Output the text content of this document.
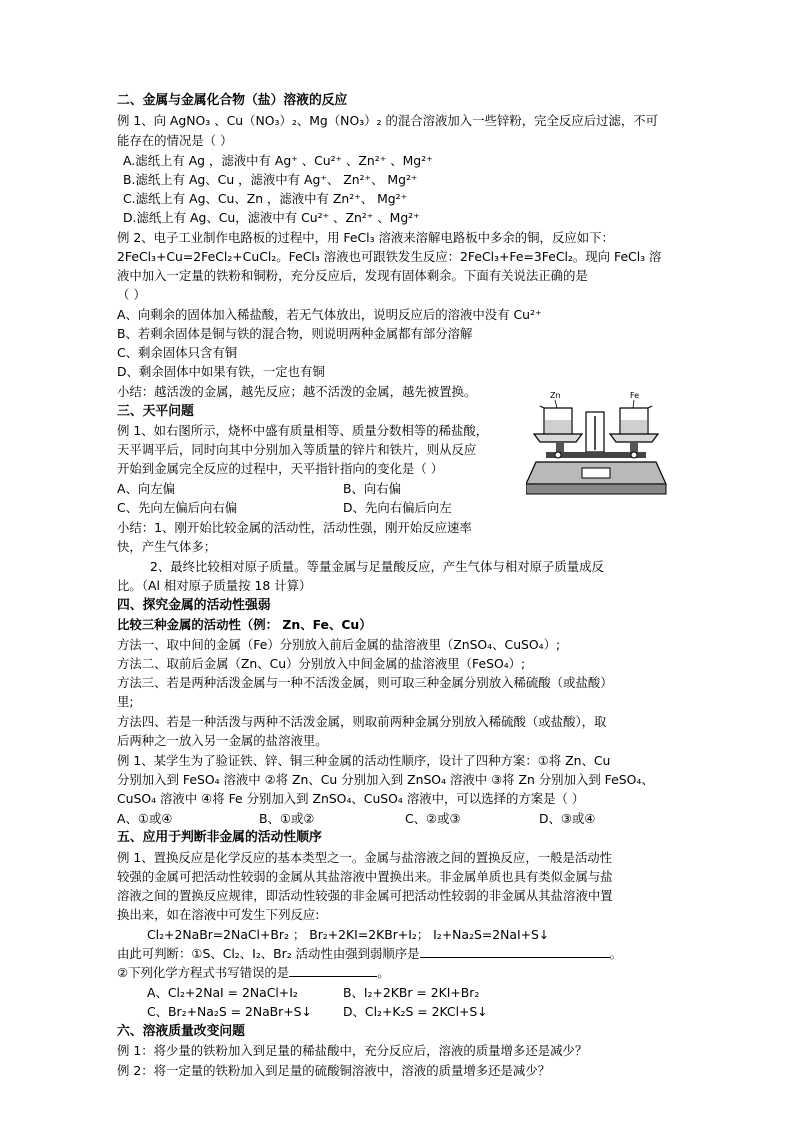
二、金属与金属化合物（盐）溶液的反应
例 1、向 AgNO₃ 、Cu（NO₃）₂、Mg（NO₃）₂ 的混合溶液加入一些锌粉，完全反应后过滤，不可
能存在的情况是（ ）
A.滤纸上有 Ag ，滤液中有 Ag⁺ 、Cu²⁺ 、Zn²⁺ 、Mg²⁺
B.滤纸上有 Ag、Cu ，滤液中有 Ag⁺、 Zn²⁺、 Mg²⁺
C.滤纸上有 Ag、Cu、Zn ，滤液中有 Zn²⁺、 Mg²⁺
D.滤纸上有 Ag、Cu，滤液中有 Cu²⁺ 、Zn²⁺ 、Mg²⁺
例 2、电子工业制作电路板的过程中，用 FeCl₃ 溶液来溶解电路板中多余的铜，反应如下：
2FeCl₃+Cu=2FeCl₂+CuCl₂。FeCl₃ 溶液也可跟铁发生反应：2FeCl₃+Fe=3FeCl₂。现向 FeCl₃ 溶
液中加入一定量的铁粉和铜粉，充分反应后，发现有固体剩余。下面有关说法正确的是
（ ）
A、向剩余的固体加入稀盐酸，若无气体放出，说明反应后的溶液中没有 Cu²⁺
B、若剩余固体是铜与铁的混合物，则说明两种金属都有部分溶解
C、剩余固体只含有铜
D、剩余固体中如果有铁，一定也有铜
小结：越活泼的金属，越先反应；越不活泼的金属，越先被置换。
三、天平问题
例 1、如右图所示，烧杯中盛有质量相等、质量分数相等的稀盐酸，
天平调平后，同时向其中分别加入等质量的锌片和铁片，则从反应
开始到金属完全反应的过程中，天平指针指向的变化是（ ）
A、向左偏	B、向右偏
C、先向左偏后向右偏	D、先向右偏后向左
小结：1、刚开始比较金属的活动性，活动性强，刚开始反应速率
快，产生气体多；
2、最终比较相对原子质量。等量金属与足量酸反应，产生气体与相对原子质量成反
比。（Al 相对原子质量按 18 计算）
四、探究金属的活动性强弱
比较三种金属的活动性（例： Zn、Fe、Cu）
方法一、取中间的金属（Fe）分别放入前后金属的盐溶液里（ZnSO₄、CuSO₄）;
方法二、取前后金属（Zn、Cu）分别放入中间金属的盐溶液里（FeSO₄）;
方法三、若是两种活泼金属与一种不活泼金属，则可取三种金属分别放入稀硫酸（或盐酸）
里;
方法四、若是一种活泼与两种不活泼金属，则取前两种金属分别放入稀硫酸（或盐酸），取
后两种之一放入另一金属的盐溶液里。
例 1、某学生为了验证铁、锌、铜三种金属的活动性顺序，设计了四种方案：①将 Zn、Cu
分别加入到 FeSO₄ 溶液中 ②将 Zn、Cu 分别加入到 ZnSO₄ 溶液中 ③将 Zn 分别加入到 FeSO₄、
CuSO₄ 溶液中 ④将 Fe 分别加入到 ZnSO₄、CuSO₄ 溶液中，可以选择的方案是（ ）
A、①或④	B、①或②	C、②或③	D、③或④
五、应用于判断非金属的活动性顺序
例 1、置换反应是化学反应的基本类型之一。金属与盐溶液之间的置换反应，一般是活动性
较强的金属可把活动性较弱的金属从其盐溶液中置换出来。非金属单质也具有类似金属与盐
溶液之间的置换反应规律，即活动性较强的非金属可把活动性较弱的非金属从其盐溶液中置
换出来，如在溶液中可发生下列反应:
Cl₂+2NaBr=2NaCl+Br₂ ； Br₂+2KI=2KBr+I₂； I₂+Na₂S=2NaI+S↓
由此可判断：①S、Cl₂、I₂、Br₂ 活动性由强到弱顺序是	。
②下列化学方程式书写错误的是	。
A、Cl₂+2NaI = 2NaCl+I₂	B、I₂+2KBr = 2KI+Br₂
C、Br₂+Na₂S = 2NaBr+S↓	D、Cl₂+K₂S = 2KCl+S↓
六、溶液质量改变问题
例 1：将少量的铁粉加入到足量的稀盐酸中，充分反应后，溶液的质量增多还是减少？
例 2：将一定量的铁粉加入到足量的硫酸铜溶液中，溶液的质量增多还是减少？
Zn	Fe
